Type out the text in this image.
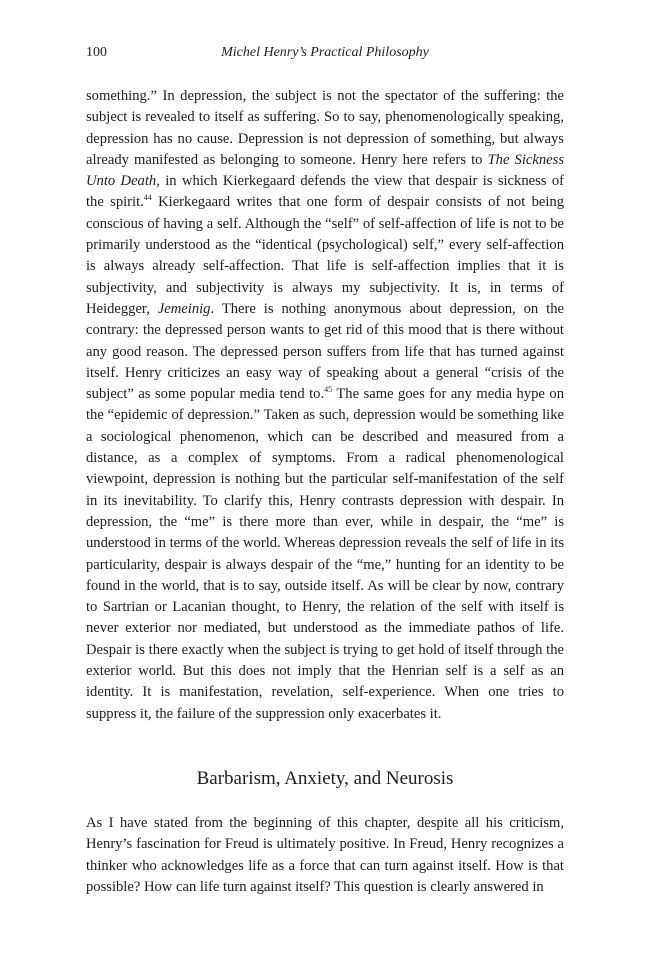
100	Michel Henry’s Practical Philosophy

something.” In depression, the subject is not the spectator of the suffering: the subject is revealed to itself as suffering. So to say, phenomenologically speaking, depression has no cause. Depression is not depression of something, but always already manifested as belonging to someone. Henry here refers to The Sickness Unto Death, in which Kierkegaard defends the view that despair is sickness of the spirit.$^{44}$ Kierkegaard writes that one form of despair consists of not being conscious of having a self. Although the “self” of self-affection of life is not to be primarily understood as the “identical (psychological) self,” every self-affection is always already self-affection. That life is self-affection implies that it is subjectivity, and subjectivity is always my subjectivity. It is, in terms of Heidegger, Jemeinig. There is nothing anonymous about depression, on the contrary: the depressed person wants to get rid of this mood that is there without any good reason. The depressed person suffers from life that has turned against itself. Henry criticizes an easy way of speaking about a general “crisis of the subject” as some popular media tend to.$^{45}$ The same goes for any media hype on the “epidemic of depression.” Taken as such, depression would be something like a sociological phenomenon, which can be described and measured from a distance, as a complex of symptoms. From a radical phenomenological viewpoint, depression is nothing but the particular self-manifestation of the self in its inevitability. To clarify this, Henry contrasts depression with despair. In depression, the “me” is there more than ever, while in despair, the “me” is understood in terms of the world. Whereas depression reveals the self of life in its particularity, despair is always despair of the “me,” hunting for an identity to be found in the world, that is to say, outside itself. As will be clear by now, contrary to Sartrian or Lacanian thought, to Henry, the relation of the self with itself is never exterior nor mediated, but understood as the immediate pathos of life. Despair is there exactly when the subject is trying to get hold of itself through the exterior world. But this does not imply that the Henrian self is a self as an identity. It is manifestation, revelation, self-experience. When one tries to suppress it, the failure of the suppression only exacerbates it.

Barbarism, Anxiety, and Neurosis

As I have stated from the beginning of this chapter, despite all his criticism, Henry’s fascination for Freud is ultimately positive. In Freud, Henry recognizes a thinker who acknowledges life as a force that can turn against itself. How is that possible? How can life turn against itself? This question is clearly answered in
